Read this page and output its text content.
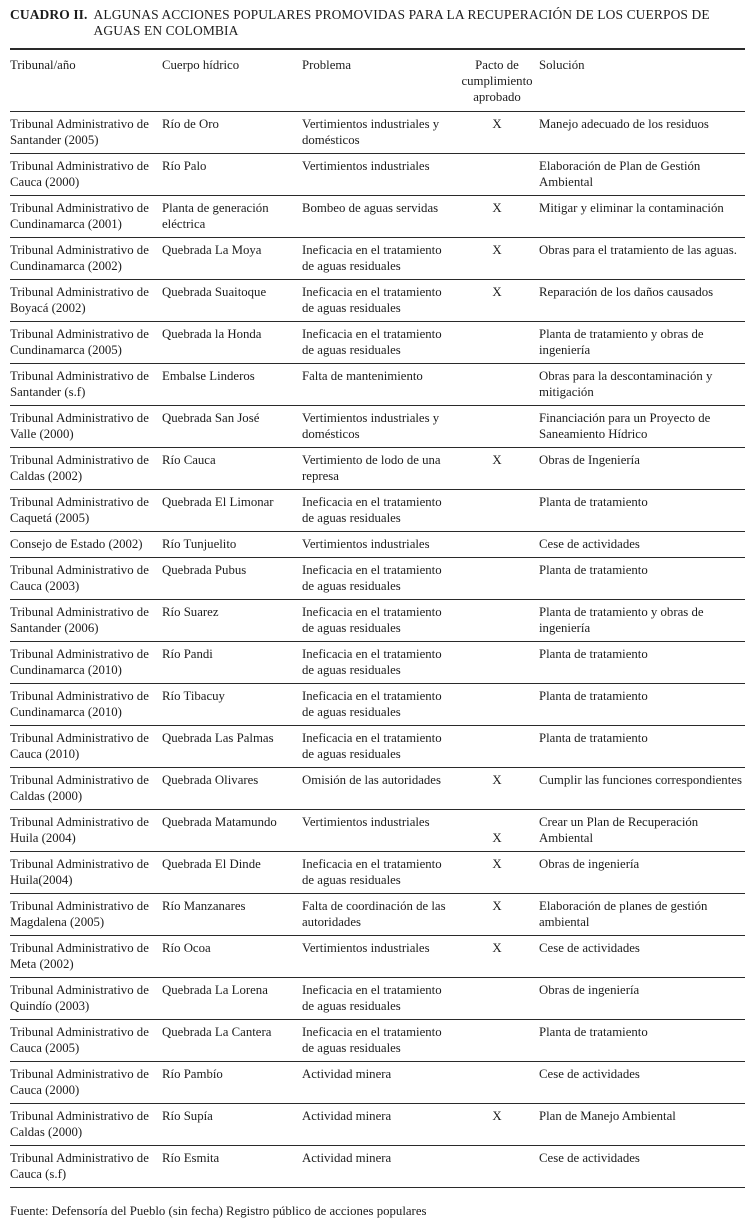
CUADRO II. ALGUNAS ACCIONES POPULARES PROMOVIDAS PARA LA RECUPERACIÓN DE LOS CUERPOS DE AGUAS EN COLOMBIA
Tribunal/año	Cuerpo hídrico	Problema	Pacto de cumplimiento aprobado	Solución
Tribunal Administrativo de Santander (2005)	Río de Oro	Vertimientos industriales y domésticos	X	Manejo adecuado de los residuos
Tribunal Administrativo de Cauca (2000)	Río Palo	Vertimientos industriales		Elaboración de Plan de Gestión Ambiental
Tribunal Administrativo de Cundinamarca (2001)	Planta de generación eléctrica	Bombeo de aguas servidas	X	Mitigar y eliminar la contaminación
Tribunal Administrativo de Cundinamarca (2002)	Quebrada La Moya	Ineficacia en el tratamiento de aguas residuales	X	Obras para el tratamiento de las aguas.
Tribunal Administrativo de Boyacá (2002)	Quebrada Suaitoque	Ineficacia en el tratamiento de aguas residuales	X	Reparación de los daños causados
Tribunal Administrativo de Cundinamarca (2005)	Quebrada la Honda	Ineficacia en el tratamiento de aguas residuales		Planta de tratamiento y obras de ingeniería
Tribunal Administrativo de Santander (s.f)	Embalse Linderos	Falta de mantenimiento		Obras para la descontaminación y mitigación
Tribunal Administrativo de Valle (2000)	Quebrada San José	Vertimientos industriales y domésticos		Financiación para un Proyecto de Saneamiento Hídrico
Tribunal Administrativo de Caldas (2002)	Río Cauca	Vertimiento de lodo de una represa	X	Obras de Ingeniería
Tribunal Administrativo de Caquetá (2005)	Quebrada El Limonar	Ineficacia en el tratamiento de aguas residuales		Planta de tratamiento
Consejo de Estado (2002)	Río Tunjuelito	Vertimientos industriales		Cese de actividades
Tribunal Administrativo de Cauca (2003)	Quebrada Pubus	Ineficacia en el tratamiento de aguas residuales		Planta de tratamiento
Tribunal Administrativo de Santander (2006)	Río Suarez	Ineficacia en el tratamiento de aguas residuales		Planta de tratamiento y obras de ingeniería
Tribunal Administrativo de Cundinamarca (2010)	Río Pandi	Ineficacia en el tratamiento de aguas residuales		Planta de tratamiento
Tribunal Administrativo de Cundinamarca (2010)	Río Tibacuy	Ineficacia en el tratamiento de aguas residuales		Planta de tratamiento
Tribunal Administrativo de Cauca (2010)	Quebrada Las Palmas	Ineficacia en el tratamiento de aguas residuales		Planta de tratamiento
Tribunal Administrativo de Caldas (2000)	Quebrada Olivares	Omisión de las autoridades	X	Cumplir las funciones correspondientes
Tribunal Administrativo de Huila (2004)	Quebrada Matamundo	Vertimientos industriales	X	Crear un Plan de Recuperación Ambiental
Tribunal Administrativo de Huila(2004)	Quebrada El Dinde	Ineficacia en el tratamiento de aguas residuales	X	Obras de ingeniería
Tribunal Administrativo de Magdalena (2005)	Río Manzanares	Falta de coordinación de las autoridades	X	Elaboración de planes de gestión ambiental
Tribunal Administrativo de Meta (2002)	Río Ocoa	Vertimientos industriales	X	Cese de actividades
Tribunal Administrativo de Quindío (2003)	Quebrada La Lorena	Ineficacia en el tratamiento de aguas residuales		Obras de ingeniería
Tribunal Administrativo de Cauca (2005)	Quebrada La Cantera	Ineficacia en el tratamiento de aguas residuales		Planta de tratamiento
Tribunal Administrativo de Cauca (2000)	Río Pambío	Actividad minera		Cese de actividades
Tribunal Administrativo de Caldas (2000)	Río Supía	Actividad minera	X	Plan de Manejo Ambiental
Tribunal Administrativo de Cauca (s.f)	Río Esmita	Actividad minera		Cese de actividades
Fuente: Defensoría del Pueblo (sin fecha) Registro público de acciones populares
